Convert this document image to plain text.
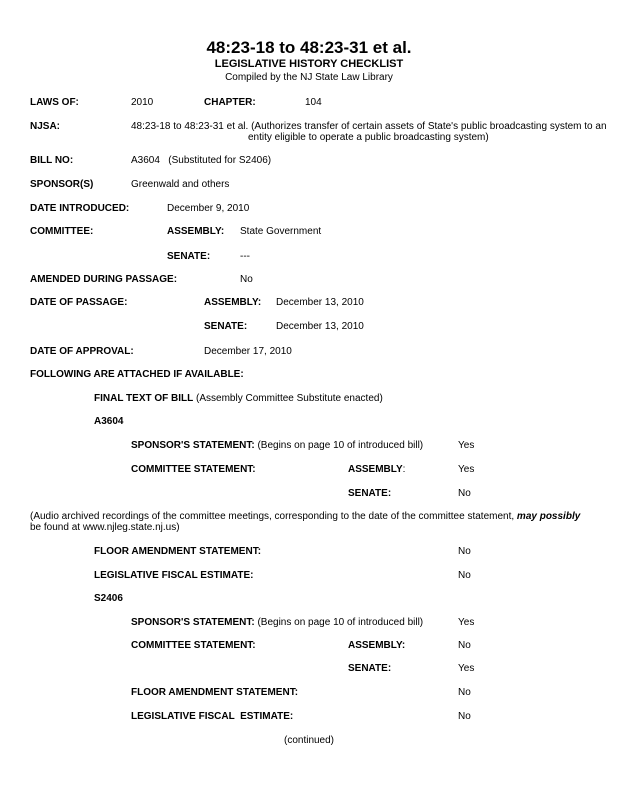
48:23-18 to 48:23-31 et al.
LEGISLATIVE HISTORY CHECKLIST
Compiled by the NJ State Law Library
LAWS OF:	2010	CHAPTER:	104
NJSA:	48:23-18 to 48:23-31 et al. (Authorizes transfer of certain assets of State's public broadcasting system to an
entity eligible to operate a public broadcasting system)
BILL NO:	A3604   (Substituted for S2406)
SPONSOR(S)	Greenwald and others
DATE INTRODUCED:	December 9, 2010
COMMITTEE:	ASSEMBLY: State Government
SENATE:	---
AMENDED DURING PASSAGE:	No
DATE OF PASSAGE:	ASSEMBLY: December 13, 2010
SENATE:	December 13, 2010
DATE OF APPROVAL:	December 17, 2010
FOLLOWING ARE ATTACHED IF AVAILABLE:
FINAL TEXT OF BILL (Assembly Committee Substitute enacted)
A3604
SPONSOR'S STATEMENT: (Begins on page 10 of introduced bill)	Yes
COMMITTEE STATEMENT:	ASSEMBLY:	Yes
SENATE:	No
(Audio archived recordings of the committee meetings, corresponding to the date of the committee statement, may possibly
be found at www.njleg.state.nj.us)
FLOOR AMENDMENT STATEMENT:	No
LEGISLATIVE FISCAL ESTIMATE:	No
S2406
SPONSOR'S STATEMENT: (Begins on page 10 of introduced bill)	Yes
COMMITTEE STATEMENT:	ASSEMBLY:	No
SENATE:	Yes
FLOOR AMENDMENT STATEMENT:	No
LEGISLATIVE FISCAL  ESTIMATE:	No
(continued)
